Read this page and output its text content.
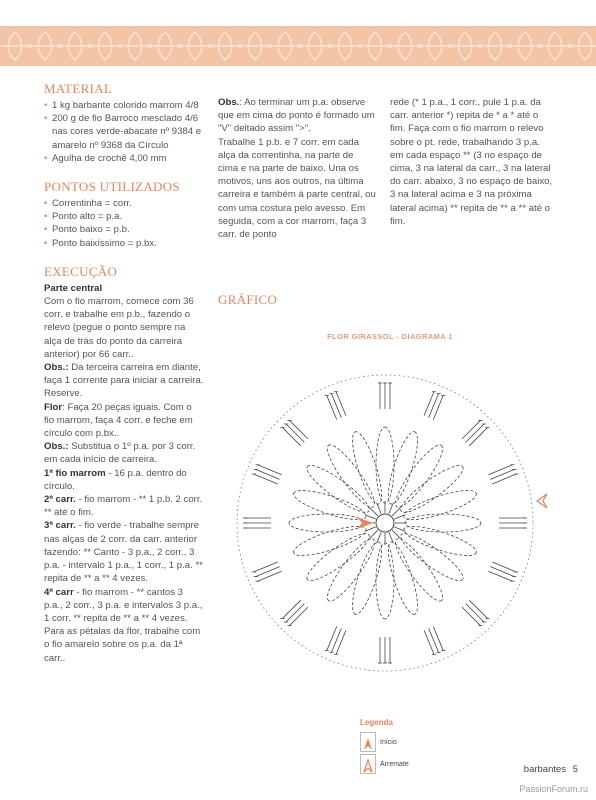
MATERIAL
• 1 kg barbante colorido marrom 4/8
• 200 g de fio Barroco mesclado 4/6 nas cores verde-abacate nº 9384 e amarelo nº 9368 da Círculo
• Agulha de crochê 4,00 mm
PONTOS UTILIZADOS
• Correntinha = corr.
• Ponto alto = p.a.
• Ponto baixo = p.b.
• Ponto baixíssimo = p.bx.
EXECUÇÃO

Parte central

Com o fio marrom, comece com 36 corr. e trabalhe em p.b., fazendo o relevo (pegue o ponto sempre na alça de trás do ponto da carreira anterior) por 66 carr..

Obs.: Da terceira carreira em diante, faça 1 corrente para iniciar a carreira. Reserve.

Flor: Faça 20 peças iguais. Com o fio marrom, faça 4 corr. e feche em círculo com p.bx..

Obs.: Substitua o 1º p.a. por 3 corr. em cada início de carreira.

1ª fio marrom - 16 p.a. dentro do círculo.

2ª carr. - fio marrom - ** 1 p.b. 2 corr. ** até o fim.

3ª carr. - fio verde - trabalhe sempre nas alças de 2 corr. da carr. anterior fazendo: ** Canto - 3 p.a., 2 corr., 3 p.a. - intervalo 1 p.a., 1 corr., 1 p.a. ** repita de ** a ** 4 vezes.

4ª carr - fio marrom - ** cantos 3 p.a., 2 corr., 3 p.a. e intervalos 3 p.a., 1 corr. ** repita de ** a ** 4 vezes.

Para as pétalas da flor, trabalhe com o fio amarelo sobre os p.a. da 1ª carr..

Obs.: Ao terminar um p.a. observe que em cima do ponto é formado um "V" deitado assim ">".

Trabalhe 1 p.b. e 7 corr. em cada alça da correntinha, na parte de cima e na parte de baixo. Una os motivos, uns aos outros, na última carreira e também à parte central, ou com uma costura pelo avesso. Em seguida, com a cor marrom, faça 3 carr. de ponto

rede (* 1 p.a., 1 corr., pule 1 p.a. da carr. anterior *) repita de * a * até o fim. Faça com o fio marrom o relevo sobre o pt. rede, trabalhando 3 p.a. em cada espaço ** (3 no espaço de cima, 3 na lateral da carr., 3 na lateral do carr. abaixo, 3 no espaço de baixo, 3 na lateral acima e 3 na próxima lateral acima) ** repita de ** a ** até o fim.

GRÁFICO
FLOR GIRASSOL - DIAGRAMA 1
Legenda
Início
Arremate	barbantes 5
PassionForum.ru
